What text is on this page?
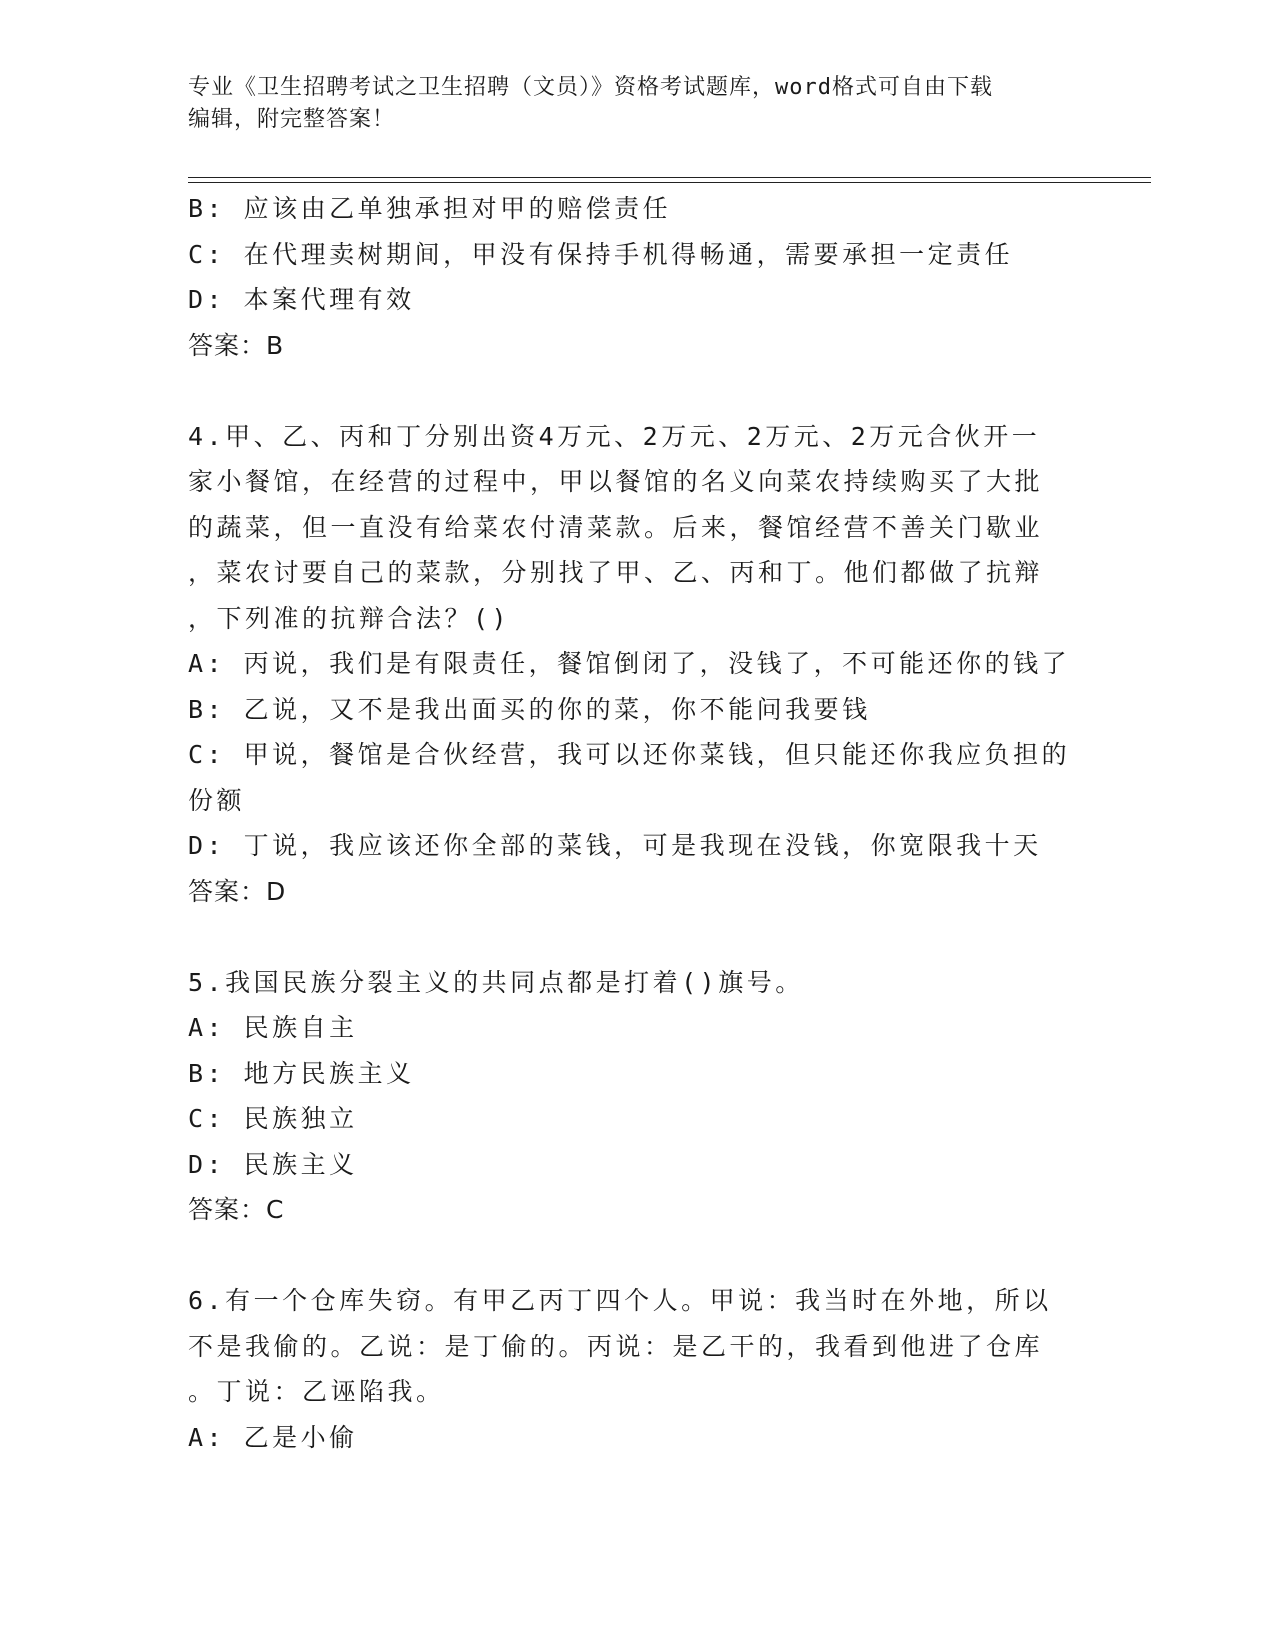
专业《卫生招聘考试之卫生招聘（文员）》资格考试题库，word格式可自由下载
编辑，附完整答案！
B: 应该由乙单独承担对甲的赔偿责任
C: 在代理卖树期间，甲没有保持手机得畅通，需要承担一定责任
D: 本案代理有效
答案：B
4.甲、乙、丙和丁分别出资4万元、2万元、2万元、2万元合伙开一
家小餐馆，在经营的过程中，甲以餐馆的名义向菜农持续购买了大批
的蔬菜，但一直没有给菜农付清菜款。后来，餐馆经营不善关门歇业
，菜农讨要自己的菜款，分别找了甲、乙、丙和丁。他们都做了抗辩
，下列准的抗辩合法？()
A: 丙说，我们是有限责任，餐馆倒闭了，没钱了，不可能还你的钱了
B: 乙说，又不是我出面买的你的菜，你不能问我要钱
C: 甲说，餐馆是合伙经营，我可以还你菜钱，但只能还你我应负担的
份额
D: 丁说，我应该还你全部的菜钱，可是我现在没钱，你宽限我十天
答案：D
5.我国民族分裂主义的共同点都是打着()旗号。
A: 民族自主
B: 地方民族主义
C: 民族独立
D: 民族主义
答案：C
6.有一个仓库失窃。有甲乙丙丁四个人。甲说：我当时在外地，所以
不是我偷的。乙说：是丁偷的。丙说：是乙干的，我看到他进了仓库
。丁说：乙诬陷我。
A: 乙是小偷
